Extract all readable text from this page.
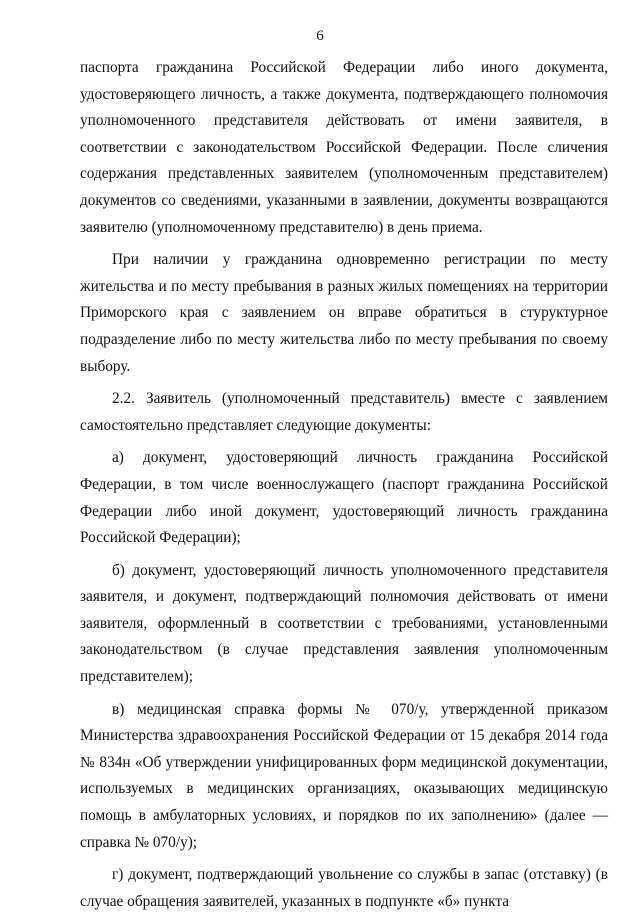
6

паспорта гражданина Российской Федерации либо иного документа, удостоверяющего личность, а также документа, подтверждающего полномочия уполномоченного представителя действовать от имени заявителя, в соответствии с законодательством Российской Федерации. После сличения содержания представленных заявителем (уполномоченным представителем) документов со сведениями, указанными в заявлении, документы возвращаются заявителю (уполномоченному представителю) в день приема.

При наличии у гражданина одновременно регистрации по месту жительства и по месту пребывания в разных жилых помещениях на территории Приморского края с заявлением он вправе обратиться в стуруктурное подразделение либо по месту жительства либо по месту пребывания по своему выбору.

2.2. Заявитель (уполномоченный представитель) вместе с заявлением самостоятельно представляет следующие документы:

а) документ, удостоверяющий личность гражданина Российской Федерации, в том числе военнослужащего (паспорт гражданина Российской Федерации либо иной документ, удостоверяющий личность гражданина Российской Федерации);

б) документ, удостоверяющий личность уполномоченного представителя заявителя, и документ, подтверждающий полномочия действовать от имени заявителя, оформленный в соответствии с требованиями, установленными законодательством (в случае представления заявления уполномоченным представителем);

в) медицинская справка формы № 070/у, утвержденной приказом Министерства здравоохранения Российской Федерации от 15 декабря 2014 года № 834н «Об утверждении унифицированных форм медицинской документации, используемых в медицинских организациях, оказывающих медицинскую помощь в амбулаторных условиях, и порядков по их заполнению» (далее — справка № 070/у);

г) документ, подтверждающий увольнение со службы в запас (отставку) (в случае обращения заявителей, указанных в подпункте «б» пункта
